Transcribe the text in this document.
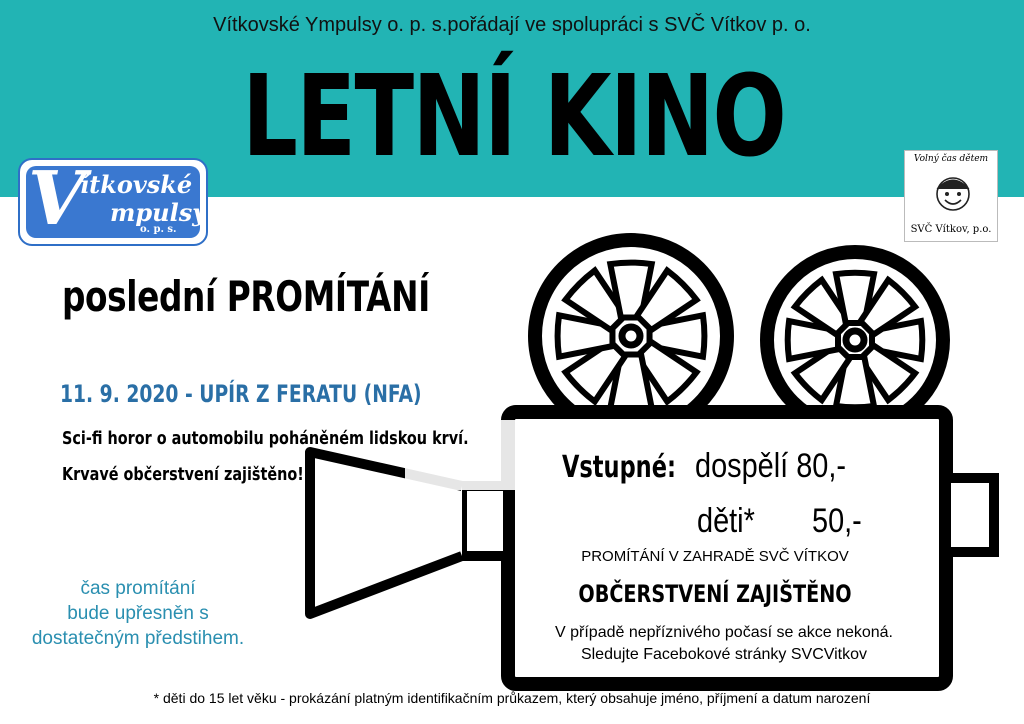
Vítkovské Ympulsy o. p. s.pořádají ve spolupráci s SVČ Vítkov p. o.
LETNÍ KINO
V
ítkovské
mpulsy
o. p. s.
Volný čas dětem
SVČ Vítkov, p.o.
poslední PROMÍTÁNÍ
11. 9. 2020 - UPÍR Z FERATU (NFA)
Sci-fi horor o automobilu poháněném lidskou krví.
Krvavé občerstvení zajištěno!
čas promítání
bude upřesněn s
dostatečným předstihem.
Vstupné: dospělí 80,-
děti* 50,-
PROMÍTÁNÍ V ZAHRADĚ SVČ VÍTKOV
OBČERSTVENÍ ZAJIŠTĚNO
V případě nepříznivého počasí se akce nekoná.
Sledujte Facebokové stránky SVCVitkov
* děti do 15 let věku - prokázání platným identifikačním průkazem, který obsahuje jméno, příjmení a datum narození
